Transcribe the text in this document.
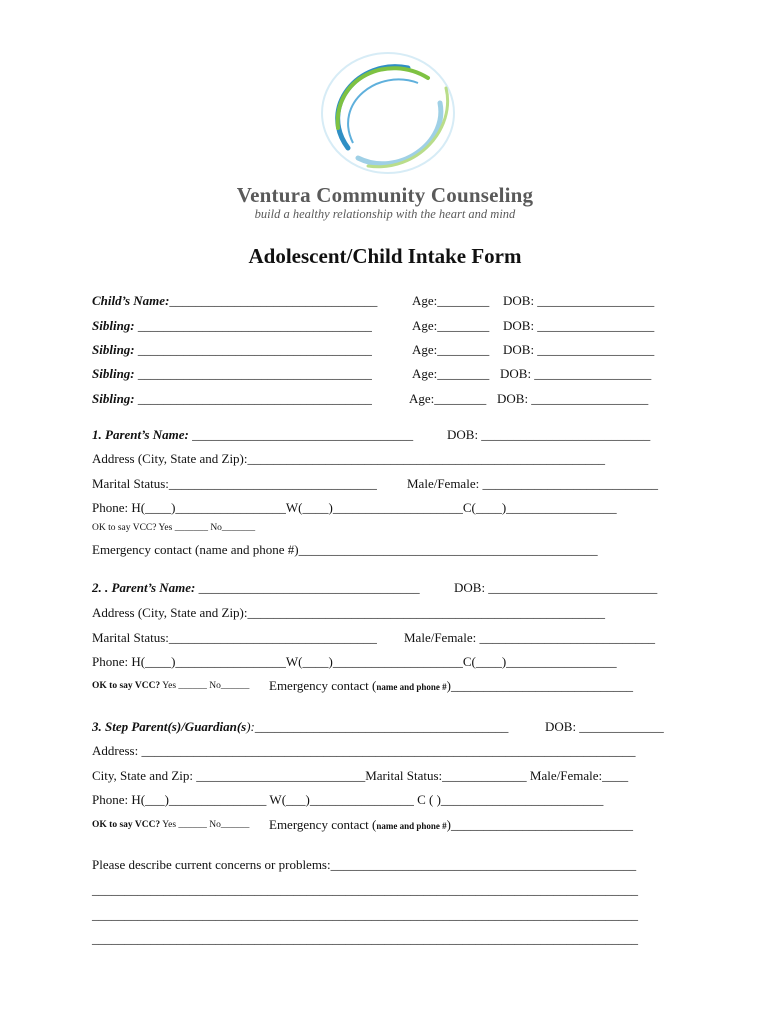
Ventura Community Counseling
build a healthy relationship with the heart and mind
Adolescent/Child Intake Form
Child’s Name:________________________________	Age:________ DOB: __________________
Sibling: ____________________________________	Age:________ DOB: __________________
Sibling: ____________________________________	Age:________ DOB: __________________
Sibling: ____________________________________	Age:________ DOB: __________________
Sibling: ____________________________________	Age:________ DOB: __________________
1. Parent’s Name: __________________________________	DOB: __________________________
Address (City, State and Zip):_______________________________________________________
Marital Status:________________________________ Male/Female: ___________________________
Phone: H(____)_________________W(____)____________________C(____)_________________
OK to say VCC? Yes _______ No_______
Emergency contact (name and phone #)______________________________________________
2. . Parent’s Name: __________________________________	DOB: __________________________
Address (City, State and Zip):_______________________________________________________
Marital Status:________________________________ Male/Female: ___________________________
Phone: H(____)_________________W(____)____________________C(____)_________________
OK to say VCC? Yes ______ No______ Emergency contact (name and phone #)____________________________
3. Step Parent(s)/Guardian(s):_______________________________________	DOB: _____________
Address: ____________________________________________________________________________
City, State and Zip: __________________________Marital Status:_____________ Male/Female:____
Phone: H(___)_______________ W(___)________________ C ( )_________________________
OK to say VCC? Yes ______ No______ Emergency contact (name and phone #)____________________________
Please describe current concerns or problems:_______________________________________________
____________________________________________________________________________________
____________________________________________________________________________________
____________________________________________________________________________________
